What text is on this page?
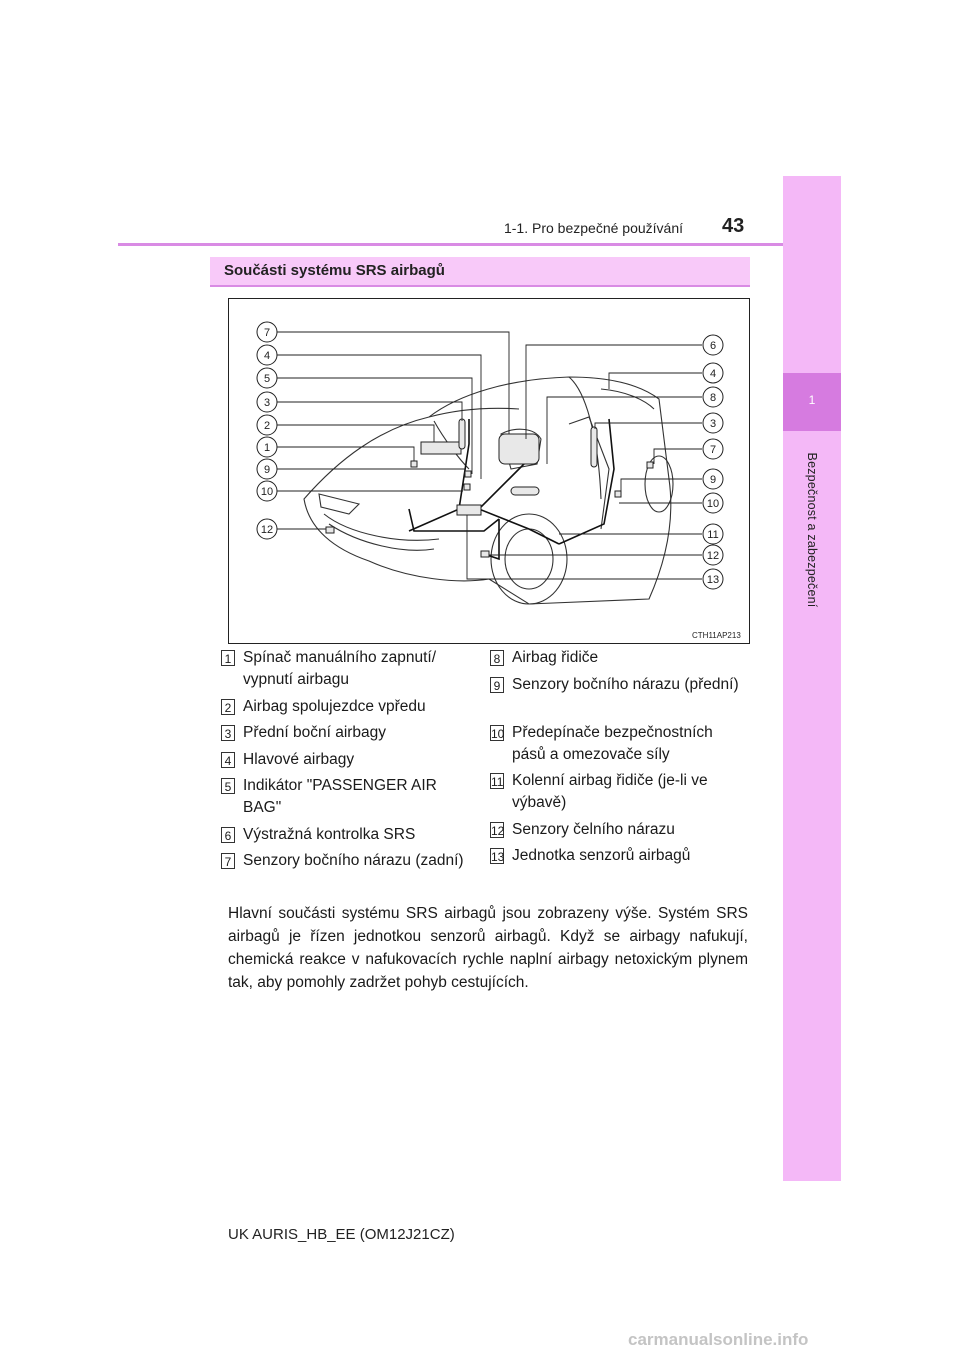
1-1. Pro bezpečné používání 43
1
Bezpečnost a zabezpečení
Součásti systému SRS airbagů
7
4
5
3
2
1
9
10
12
6
4
8
3
7
9
10
11
12
13
CTH11AP213
1 Spínač manuálního zapnutí/ vypnutí airbagu
2 Airbag spolujezdce vpředu
3 Přední boční airbagy
4 Hlavové airbagy
5 Indikátor "PASSENGER AIR BAG"
6 Výstražná kontrolka SRS
7 Senzory bočního nárazu (zadní)
8 Airbag řidiče
9 Senzory bočního nárazu (přední)
10 Předepínače bezpečnostních pásů a omezovače síly
11 Kolenní airbag řidiče (je-li ve výbavě)
12 Senzory čelního nárazu
13 Jednotka senzorů airbagů
Hlavní součásti systému SRS airbagů jsou zobrazeny výše. Systém SRS airbagů je řízen jednotkou senzorů airbagů. Když se airbagy nafukují, chemická reakce v nafukovacích rychle naplní airbagy netoxickým plynem tak, aby pomohly zadržet pohyb cestujících.
UK AURIS_HB_EE (OM12J21CZ)
carmanualsonline.info
